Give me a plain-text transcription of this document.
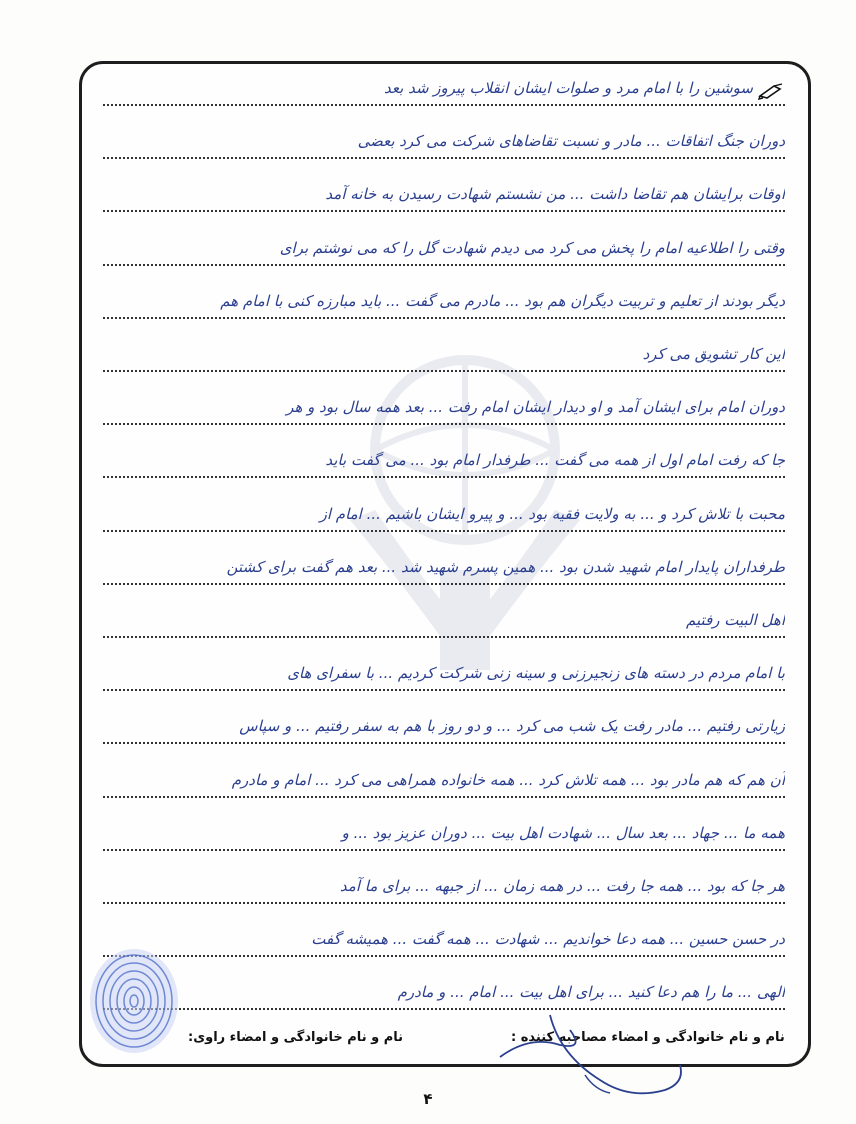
سوشین را با امام مرد و صلوات ایشان انقلاب پیروز شد بعد
دوران جنگ اتفاقات ... مادر و نسبت تقاضاهای شرکت می کرد بعضی
اوقات برایشان هم تقاضا داشت ... من نشستم شهادت رسیدن به خانه آمد
وقتی را اطلاعیه امام را پخش می کرد می دیدم شهادت گل را که می نوشتم برای
دیگر بودند از تعلیم و تربیت دیگران هم بود ... مادرم می گفت ... باید مبارزه کنی با امام هم
این کار تشویق می کرد
دوران امام برای ایشان آمد و او دیدار ایشان امام رفت ... بعد همه سال بود و هر
جا که رفت امام اول از همه می گفت ... طرفدار امام بود ... می گفت باید
محبت با تلاش کرد و ... به ولایت فقیه بود ... و پیرو ایشان باشیم ... امام از
طرفداران پایدار امام شهید شدن بود ... همین پسرم شهید شد ... بعد هم گفت برای کشتن
اهل البیت رفتیم
با امام مردم در دسته های زنجیرزنی و سینه زنی شرکت کردیم ... با سفرای های
زیارتی رفتیم ... مادر رفت یک شب می کرد ... و دو روز با هم به سفر رفتیم ... و سپاس
آن هم که هم مادر بود ... همه تلاش کرد ... همه خانواده همراهی می کرد ... امام و مادرم
همه ما ... جهاد ... بعد سال ... شهادت اهل بیت ... دوران عزیز بود ... و
هر جا که بود ... همه جا رفت ... در همه زمان ... از جبهه ... برای ما آمد
در حسن حسین ... همه دعا خواندیم ... شهادت ... همه گفت ... همیشه گفت
الهی ... ما را هم دعا کنید ... برای اهل بیت ... امام ... و مادرم
نام و نام خانوادگی و امضاء مصاحبه کننده :
نام و نام خانوادگی و امضاء راوی:
۴
